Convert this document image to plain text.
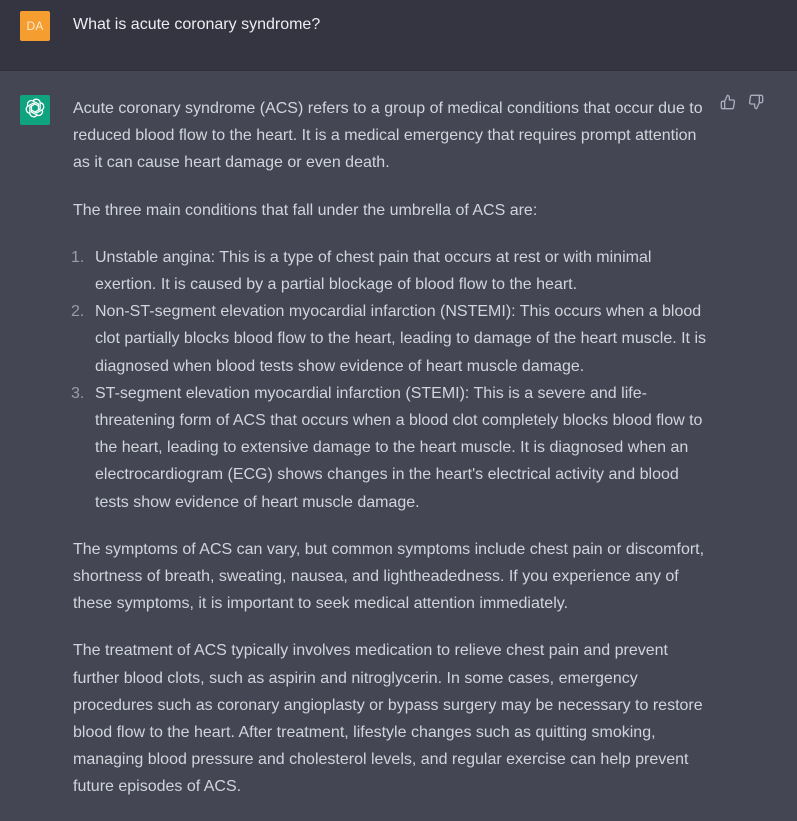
DA What is acute coronary syndrome?

Acute coronary syndrome (ACS) refers to a group of medical conditions that occur due to reduced blood flow to the heart. It is a medical emergency that requires prompt attention as it can cause heart damage or even death.

The three main conditions that fall under the umbrella of ACS are:

1. Unstable angina: This is a type of chest pain that occurs at rest or with minimal exertion. It is caused by a partial blockage of blood flow to the heart.
2. Non-ST-segment elevation myocardial infarction (NSTEMI): This occurs when a blood clot partially blocks blood flow to the heart, leading to damage of the heart muscle. It is diagnosed when blood tests show evidence of heart muscle damage.
3. ST-segment elevation myocardial infarction (STEMI): This is a severe and life-threatening form of ACS that occurs when a blood clot completely blocks blood flow to the heart, leading to extensive damage to the heart muscle. It is diagnosed when an electrocardiogram (ECG) shows changes in the heart's electrical activity and blood tests show evidence of heart muscle damage.

The symptoms of ACS can vary, but common symptoms include chest pain or discomfort, shortness of breath, sweating, nausea, and lightheadedness. If you experience any of these symptoms, it is important to seek medical attention immediately.

The treatment of ACS typically involves medication to relieve chest pain and prevent further blood clots, such as aspirin and nitroglycerin. In some cases, emergency procedures such as coronary angioplasty or bypass surgery may be necessary to restore blood flow to the heart. After treatment, lifestyle changes such as quitting smoking, managing blood pressure and cholesterol levels, and regular exercise can help prevent future episodes of ACS.
